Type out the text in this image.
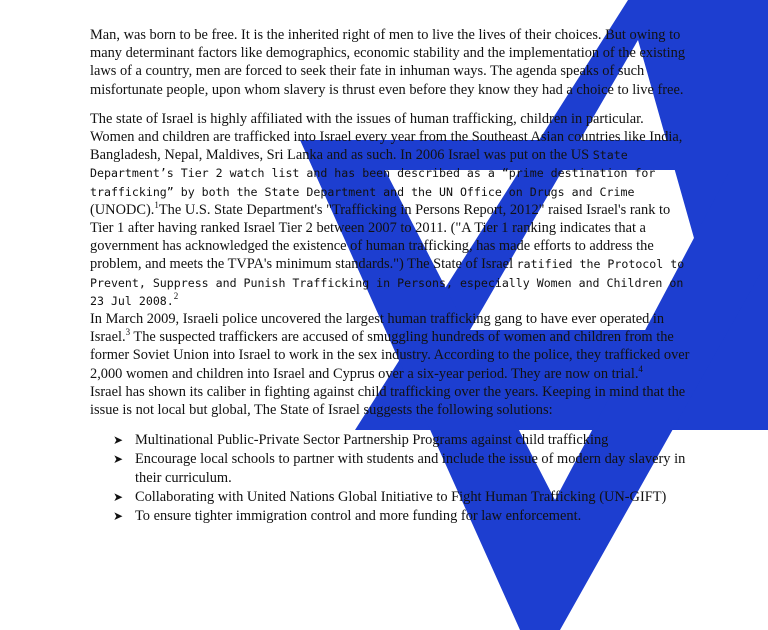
Man, was born to be free. It is the inherited right of men to live the lives of their choices. But owing to many determinant factors like demographics, economic stability and the implementation of the existing laws of a country, men are forced to seek their fate in inhuman ways. The agenda speaks of such misfortunate people, upon whom slavery is thrust even before they know they had a choice to live free.

The state of Israel is highly affiliated with the issues of human trafficking, children in particular. Women and children are trafficked into Israel every year from the Southeast Asian countries like India, Bangladesh, Nepal, Maldives, Sri Lanka and as such. In 2006 Israel was put on the US State Department’s Tier 2 watch list and has been described as a “prime destination for trafficking” by both the State Department and the UN Office on Drugs and Crime (UNODC).$^1$The U.S. State Department's "Trafficking in Persons Report, 2012" raised Israel's rank to Tier 1 after having ranked Israel Tier 2 between 2007 to 2011. ("A Tier 1 ranking indicates that a government has acknowledged the existence of human trafficking, has made efforts to address the problem, and meets the TVPA's minimum standards.") The State of Israel ratified the Protocol to Prevent, Suppress and Punish Trafficking in Persons, especially Women and Children on 23 Jul 2008.$^2$

In March 2009, Israeli police uncovered the largest human trafficking gang to have ever operated in Israel.$^3$ The suspected traffickers are accused of smuggling hundreds of women and children from the former Soviet Union into Israel to work in the sex industry. According to the police, they trafficked over 2,000 women and children into Israel and Cyprus over a six-year period. They are now on trial.$^4$

Israel has shown its caliber in fighting against child trafficking over the years. Keeping in mind that the issue is not local but global, The State of Israel suggests the following solutions:

➤ Multinational Public-Private Sector Partnership Programs against child trafficking
➤ Encourage local schools to partner with students and include the issue of modern day slavery in their curriculum.
➤ Collaborating with United Nations Global Initiative to Fight Human Trafficking (UN-GIFT)
➤ To ensure tighter immigration control and more funding for law enforcement.
